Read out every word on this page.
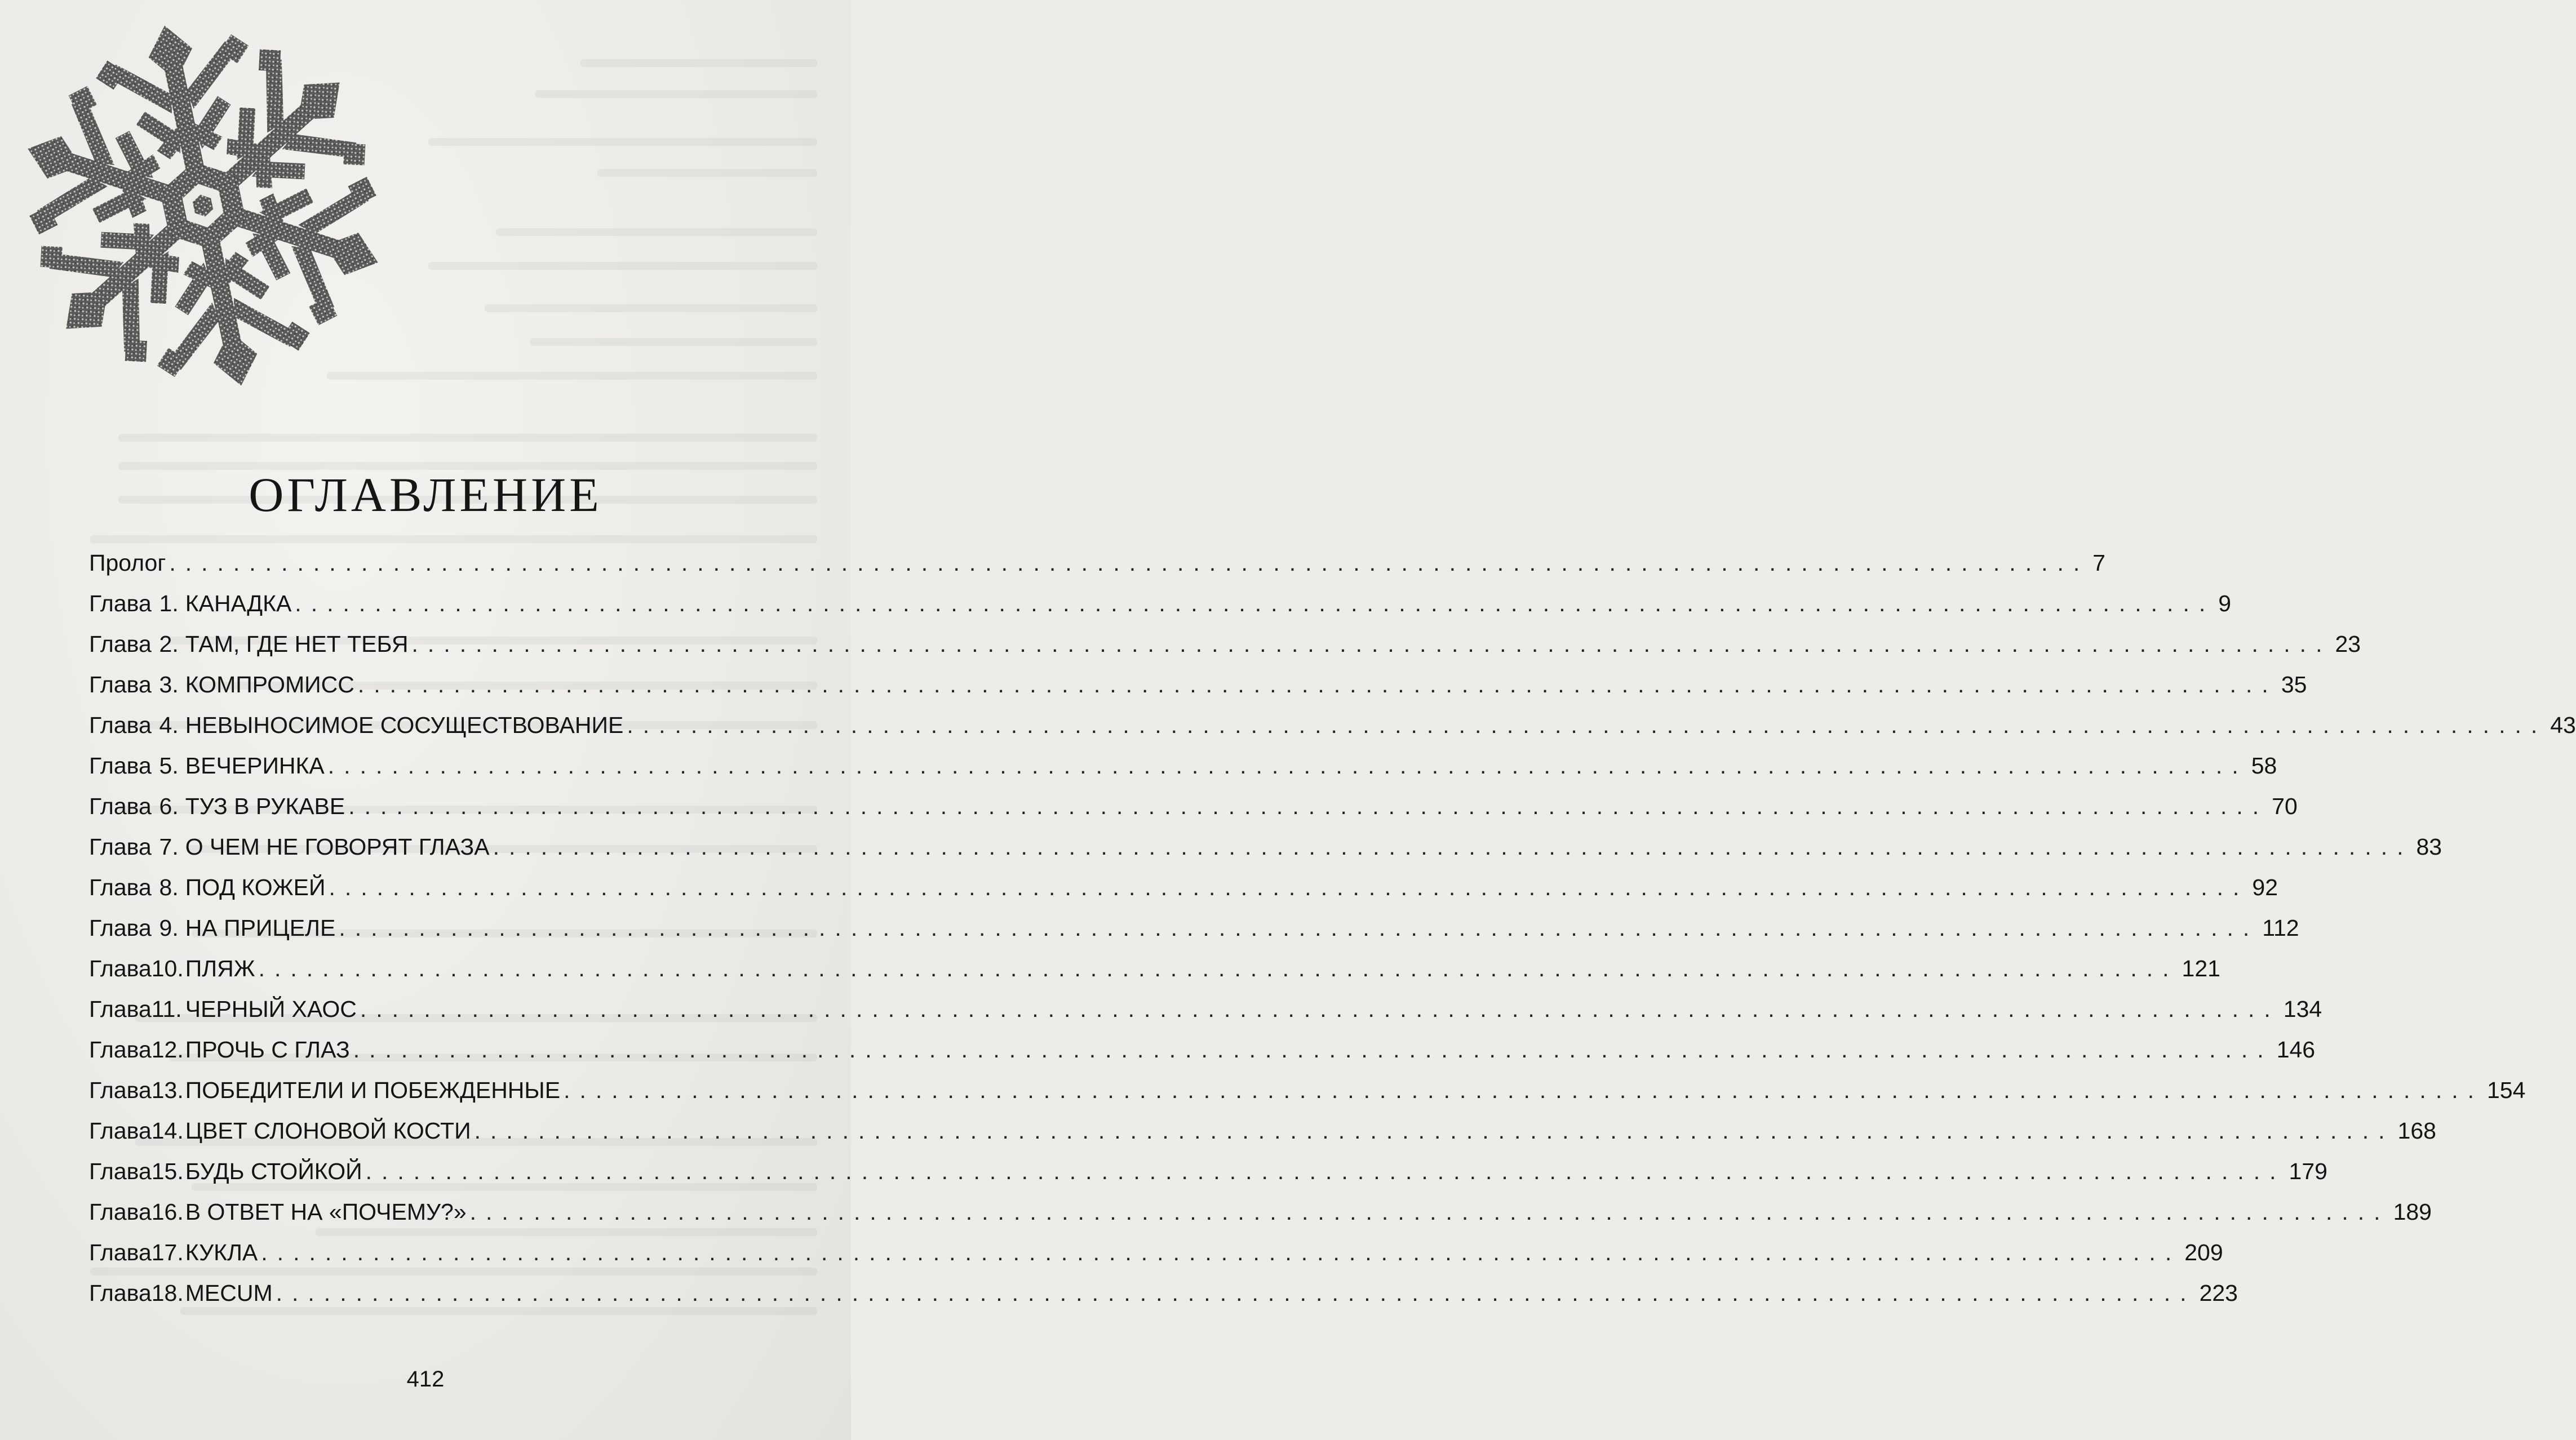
ОГЛАВЛЕНИЕ
Пролог ........................................................................................................................ 7
Глава 1. КАНАДКА ........................................................................................................................ 9
Глава 2. ТАМ, ГДЕ НЕТ ТЕБЯ ........................................................................................................................ 23
Глава 3. КОМПРОМИСС ........................................................................................................................ 35
Глава 4. НЕВЫНОСИМОЕ СОСУЩЕСТВОВАНИЕ ........................................................................................................................ 43
Глава 5. ВЕЧЕРИНКА ........................................................................................................................ 58
Глава 6. ТУЗ В РУКАВЕ ........................................................................................................................ 70
Глава 7. О ЧЕМ НЕ ГОВОРЯТ ГЛАЗА ........................................................................................................................ 83
Глава 8. ПОД КОЖЕЙ ........................................................................................................................ 92
Глава 9. НА ПРИЦЕЛЕ ........................................................................................................................ 112
Глава 10. ПЛЯЖ ........................................................................................................................ 121
Глава 11. ЧЕРНЫЙ ХАОС ........................................................................................................................ 134
Глава 12. ПРОЧЬ С ГЛАЗ ........................................................................................................................ 146
Глава 13. ПОБЕДИТЕЛИ И ПОБЕЖДЕННЫЕ ........................................................................................................................ 154
Глава 14. ЦВЕТ СЛОНОВОЙ КОСТИ ........................................................................................................................ 168
Глава 15. БУДЬ СТОЙКОЙ ........................................................................................................................ 179
Глава 16. В ОТВЕТ НА «ПОЧЕМУ?» ........................................................................................................................ 189
Глава 17. КУКЛА ........................................................................................................................ 209
Глава 18. MECUM ........................................................................................................................ 223
412
